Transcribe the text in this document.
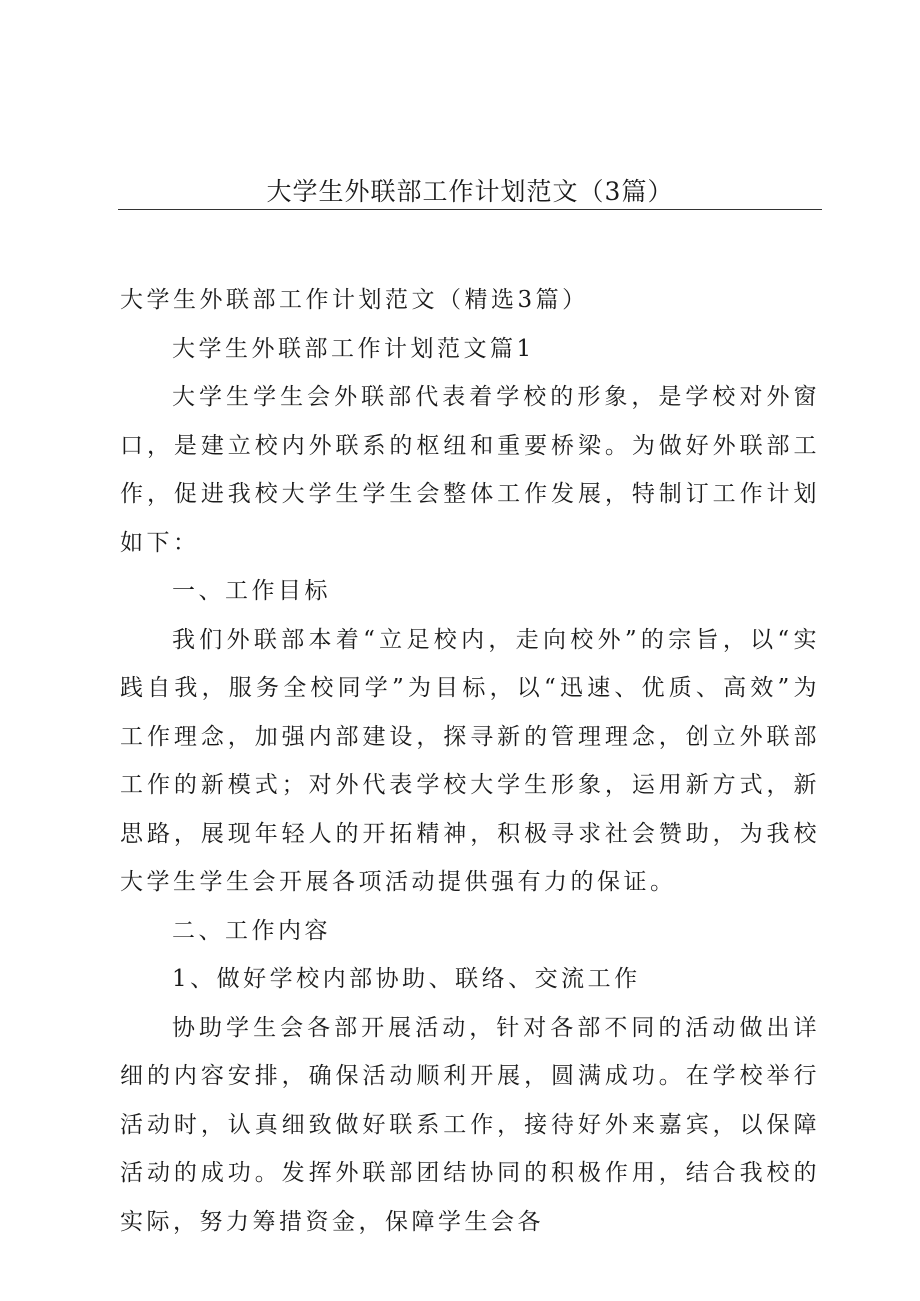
大学生外联部工作计划范文（3篇）

大学生外联部工作计划范文（精选3篇）

大学生外联部工作计划范文篇1

大学生学生会外联部代表着学校的形象，是学校对外窗口，是建立校内外联系的枢纽和重要桥梁。为做好外联部工作，促进我校大学生学生会整体工作发展，特制订工作计划如下：

一、工作目标

我们外联部本着“立足校内，走向校外”的宗旨，以“实践自我，服务全校同学”为目标，以“迅速、优质、高效”为工作理念，加强内部建设，探寻新的管理理念，创立外联部工作的新模式；对外代表学校大学生形象，运用新方式，新思路，展现年轻人的开拓精神，积极寻求社会赞助，为我校大学生学生会开展各项活动提供强有力的保证。

二、工作内容

1、做好学校内部协助、联络、交流工作

协助学生会各部开展活动，针对各部不同的活动做出详细的内容安排，确保活动顺利开展，圆满成功。在学校举行活动时，认真细致做好联系工作，接待好外来嘉宾，以保障活动的成功。发挥外联部团结协同的积极作用，结合我校的实际，努力筹措资金，保障学生会各
